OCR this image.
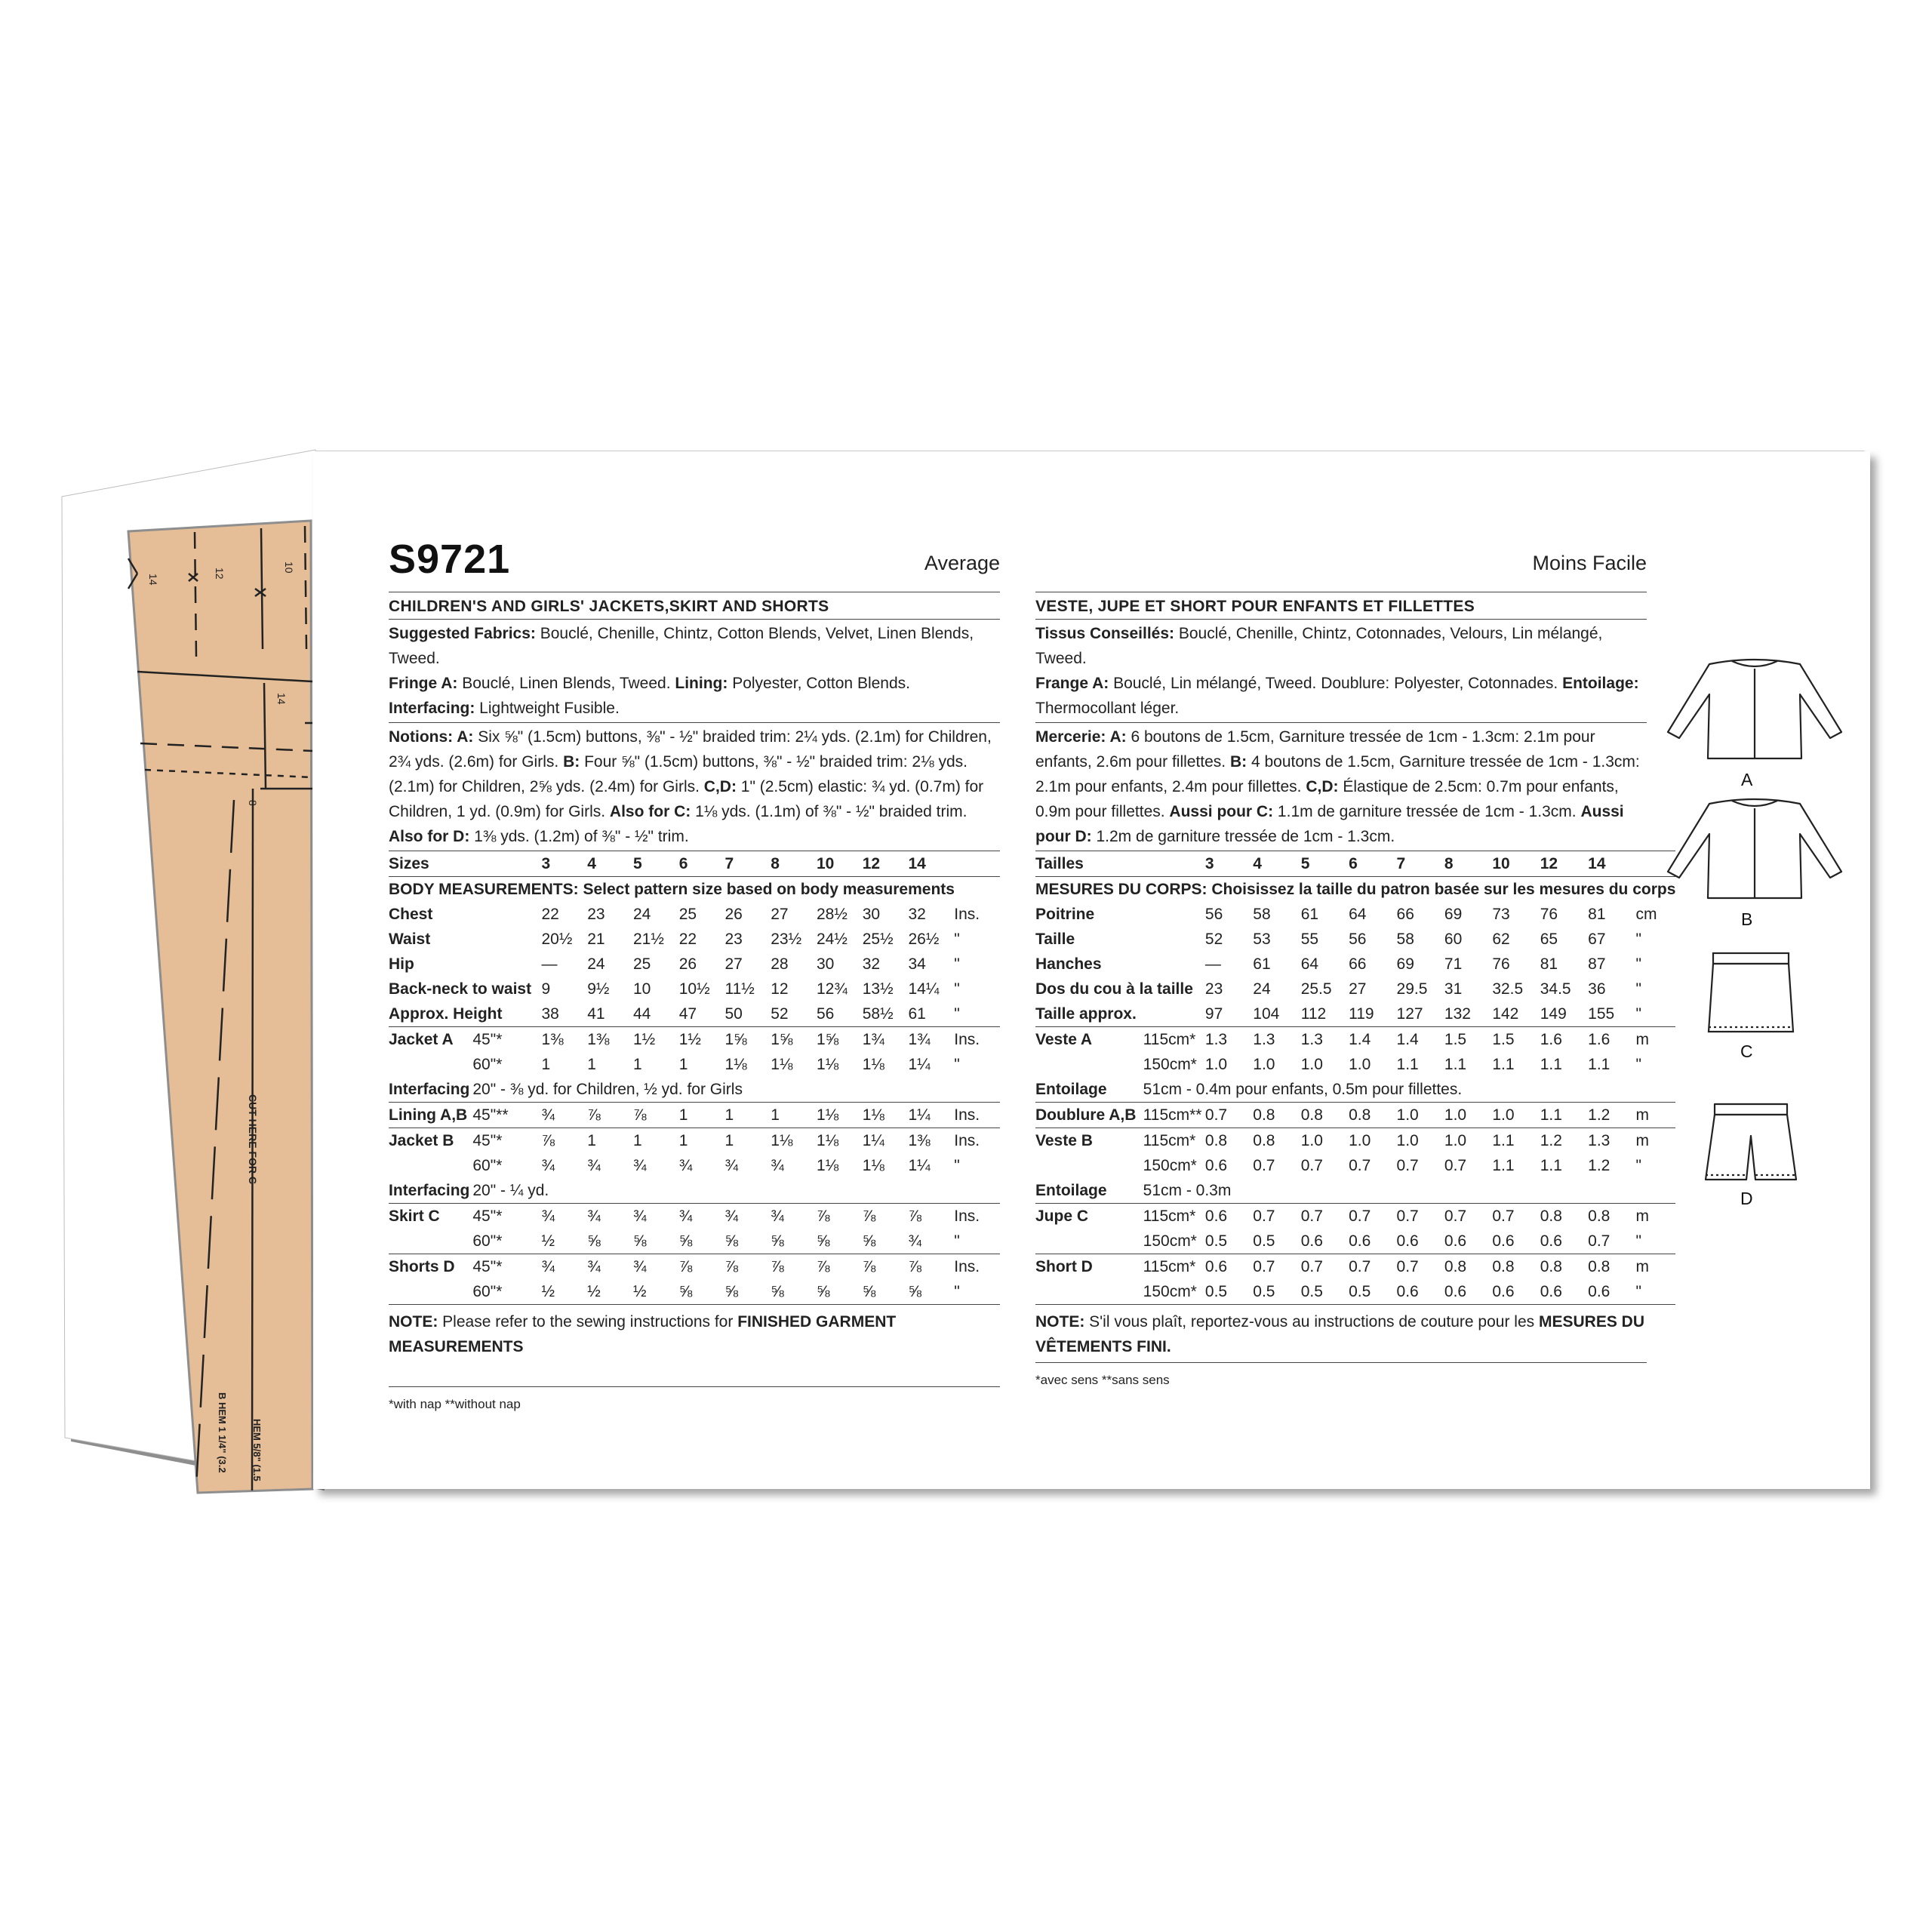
14
12
10
14
8
CUT HERE FOR C
B HEM 1 1/4" (3.2 HEM 5/8" (1.5
S9721	Average
CHILDREN'S AND GIRLS' JACKETS,SKIRT AND SHORTS

Suggested Fabrics: Bouclé, Chenille, Chintz, Cotton Blends, Velvet, Linen Blends, Tweed.
Fringe A: Bouclé, Linen Blends, Tweed. Lining: Polyester, Cotton Blends. Interfacing: Lightweight Fusible.

Notions: A: Six ⅝" (1.5cm) buttons, ⅜" - ½" braided trim: 2¼ yds. (2.1m) for Children, 2¾ yds. (2.6m) for Girls. B: Four ⅝" (1.5cm) buttons, ⅜" - ½" braided trim: 2⅛ yds. (2.1m) for Children, 2⅝ yds. (2.4m) for Girls. C,D: 1" (2.5cm) elastic: ¾ yd. (0.7m) for Children, 1 yd. (0.9m) for Girls. Also for C: 1⅛ yds. (1.1m) of ⅜" - ½" braided trim. Also for D: 1⅜ yds. (1.2m) of ⅜" - ½" trim.

Sizes		3	4	5	6	7	8	10	12	14	
BODY MEASUREMENTS: Select pattern size based on body measurements											
Chest		22	23	24	25	26	27	28½	30	32	Ins.
Waist		20½	21	21½	22	23	23½	24½	25½	26½	"
Hip		—	24	25	26	27	28	30	32	34	"
Back-neck to waist		9	9½	10	10½	11½	12	12¾	13½	14¼	"
Approx. Height		38	41	44	47	50	52	56	58½	61	"
Jacket A	45"*	1⅜	1⅜	1½	1½	1⅝	1⅝	1⅝	1¾	1¾	Ins.
	60"*	1	1	1	1	1⅛	1⅛	1⅛	1⅛	1¼	"
Interfacing	20" - ⅜ yd. for Children, ½ yd. for Girls										
Lining A,B	45"**	¾	⅞	⅞	1	1	1	1⅛	1⅛	1¼	Ins.
Jacket B	45"*	⅞	1	1	1	1	1⅛	1⅛	1¼	1⅜	Ins.
	60"*	¾	¾	¾	¾	¾	¾	1⅛	1⅛	1¼	"
Interfacing	20" - ¼ yd.										
Skirt C	45"*	¾	¾	¾	¾	¾	¾	⅞	⅞	⅞	Ins.
	60"*	½	⅝	⅝	⅝	⅝	⅝	⅝	⅝	¾	"
Shorts D	45"*	¾	¾	¾	⅞	⅞	⅞	⅞	⅞	⅞	Ins.
	60"*	½	½	½	⅝	⅝	⅝	⅝	⅝	⅝	"

NOTE: Please refer to the sewing instructions for FINISHED GARMENT MEASUREMENTS
*with nap **without nap
Moins Facile
VESTE, JUPE ET SHORT POUR ENFANTS ET FILLETTES

Tissus Conseillés: Bouclé, Chenille, Chintz, Cotonnades, Velours, Lin mélangé, Tweed.
Frange A: Bouclé, Lin mélangé, Tweed. Doublure: Polyester, Cotonnades. Entoilage: Thermocollant léger.

Mercerie: A: 6 boutons de 1.5cm, Garniture tressée de 1cm - 1.3cm: 2.1m pour enfants, 2.6m pour fillettes. B: 4 boutons de 1.5cm, Garniture tressée de 1cm - 1.3cm: 2.1m pour enfants, 2.4m pour fillettes. C,D: Élastique de 2.5cm: 0.7m pour enfants, 0.9m pour fillettes. Aussi pour C: 1.1m de garniture tressée de 1cm - 1.3cm. Aussi pour D: 1.2m de garniture tressée de 1cm - 1.3cm.

Tailles		3	4	5	6	7	8	10	12	14	
MESURES DU CORPS: Choisissez la taille du patron basée sur les mesures du corps											
Poitrine		56	58	61	64	66	69	73	76	81	cm
Taille		52	53	55	56	58	60	62	65	67	"
Hanches		—	61	64	66	69	71	76	81	87	"
Dos du cou à la taille		23	24	25.5	27	29.5	31	32.5	34.5	36	"
Taille approx.		97	104	112	119	127	132	142	149	155	"
Veste A	115cm*	1.3	1.3	1.3	1.4	1.4	1.5	1.5	1.6	1.6	m
	150cm*	1.0	1.0	1.0	1.0	1.1	1.1	1.1	1.1	1.1	"
Entoilage	51cm - 0.4m pour enfants, 0.5m pour fillettes.										
Doublure A,B	115cm**	0.7	0.8	0.8	0.8	1.0	1.0	1.0	1.1	1.2	m
Veste B	115cm*	0.8	0.8	1.0	1.0	1.0	1.0	1.1	1.2	1.3	m
	150cm*	0.6	0.7	0.7	0.7	0.7	0.7	1.1	1.1	1.2	"
Entoilage	51cm - 0.3m										
Jupe C	115cm*	0.6	0.7	0.7	0.7	0.7	0.7	0.7	0.8	0.8	m
	150cm*	0.5	0.5	0.6	0.6	0.6	0.6	0.6	0.6	0.7	"
Short D	115cm*	0.6	0.7	0.7	0.7	0.7	0.8	0.8	0.8	0.8	m
	150cm*	0.5	0.5	0.5	0.5	0.6	0.6	0.6	0.6	0.6	"

NOTE: S'il vous plaît, reportez-vous au instructions de couture pour les MESURES DU VÊTEMENTS FINI.
*avec sens **sans sens
A
B
C
D
